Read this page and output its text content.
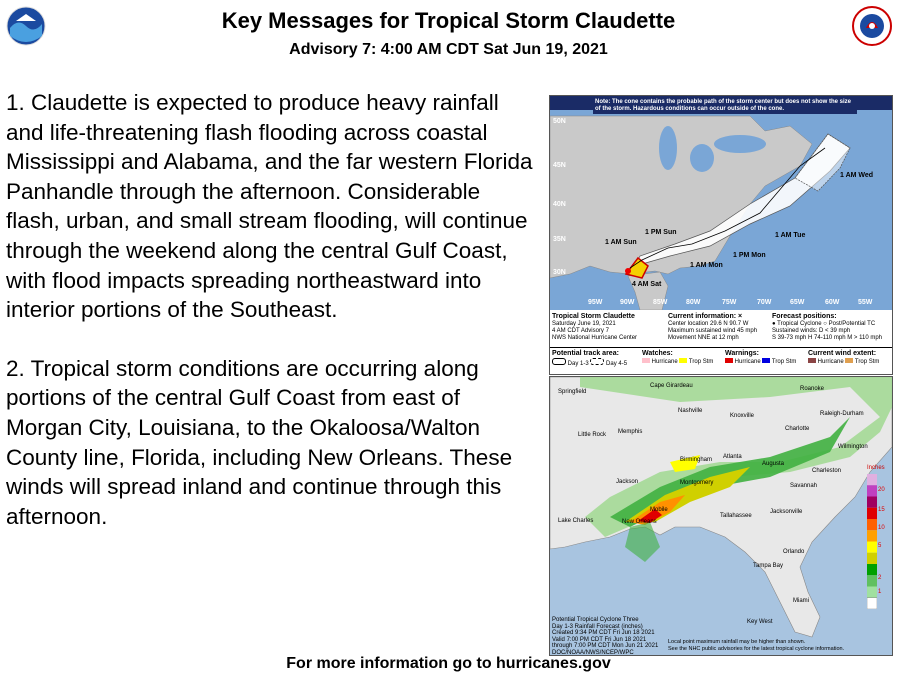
Key Messages for Tropical Storm Claudette
Advisory 7: 4:00 AM CDT Sat Jun 19, 2021

1. Claudette is expected to produce heavy rainfall and life-threatening flash flooding across coastal Mississippi and Alabama, and the far western Florida Panhandle through the afternoon. Considerable flash, urban, and small stream flooding, will continue through the weekend along the central Gulf Coast, with flood impacts spreading northeastward into interior portions of the Southeast.

2. Tropical storm conditions are occurring along portions of the central Gulf Coast from east of Morgan City, Louisiana, to the Okaloosa/Walton County line, Florida, including New Orleans. These winds will spread inland and continue through this afternoon.

Note: The cone contains the probable path of the storm center but does not show the size of the storm. Hazardous conditions can occur outside of the cone.
50N
45N
40N
35N
30N
95W	90W	85W	80W	75W	70W	65W	60W	55W
1 AM Wed
1 AM Tue
1 PM Mon
1 AM Mon
1 PM Sun
1 AM Sun
4 AM Sat
Tropical Storm Claudette
Saturday June 19, 2021
4 AM CDT Advisory 7
NWS National Hurricane Center
Current information: ×
Center location 29.6 N 90.7 W
Maximum sustained wind 45 mph
Movement NNE at 12 mph
Forecast positions:
● Tropical Cyclone ○ Post/Potential TC
Sustained winds: D < 39 mph
S 39-73 mph H 74-110 mph M > 110 mph
Potential track area:
Day 1-3	Day 4-5
Watches:
Hurricane Trop Stm
Warnings:
Hurricane Trop Stm
Current wind extent:
Hurricane Trop Stm
Springfield
Cape Girardeau	Roanoke
Nashville
Knoxville	Raleigh-Durham
Little Rock Memphis	Charlotte
Wilmington
Birmingham Atlanta
Augusta
Charleston
Jackson	Montgomery	Savannah
Mobile
Tallahassee
Jacksonville
Lake Charles	New Orleans
Orlando
Tampa Bay
Miami
Key West
Inches
20
15
10
5
2
1
Potential Tropical Cyclone Three
Day 1-3 Rainfall Forecast (inches)
Created 9:34 PM CDT Fri Jun 18 2021
Valid 7:00 PM CDT Fri Jun 18 2021
through 7:00 PM CDT Mon Jun 21 2021
DOC/NOAA/NWS/NCEP/WPC
Local point maximum rainfall may be higher than shown.
See the NHC public advisories for the latest tropical cyclone information.
For more information go to hurricanes.gov
